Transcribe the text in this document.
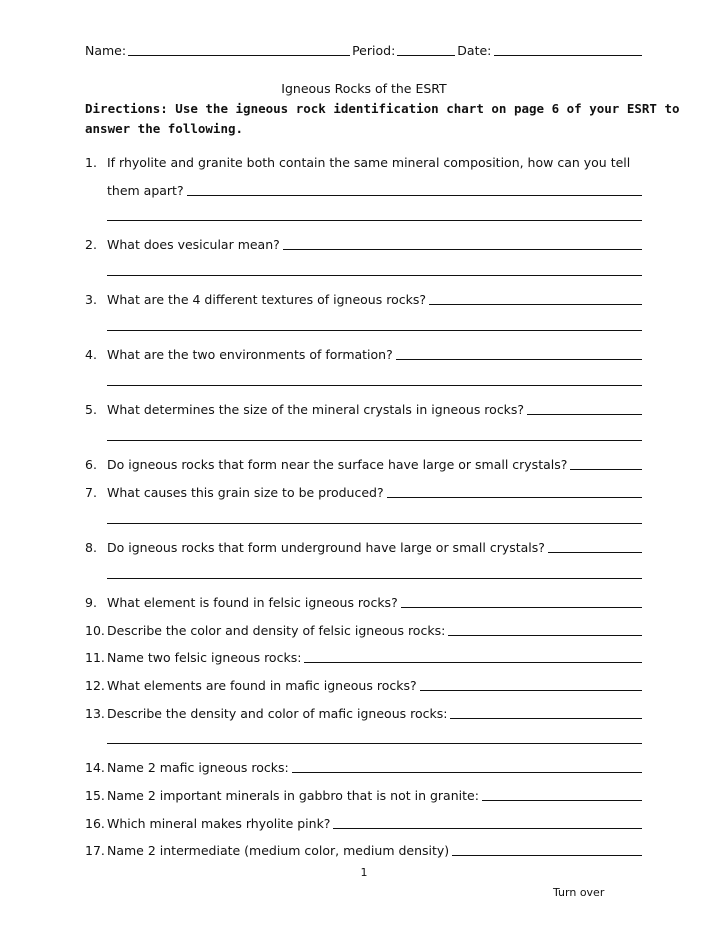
Name:	Period:	Date:
Igneous Rocks of the ESRT
Directions: Use the igneous rock identification chart on page 6 of your ESRT to
answer the following.
1. If rhyolite and granite both contain the same mineral composition, how can you tell
them apart?
2. What does vesicular mean?
3. What are the 4 different textures of igneous rocks?
4. What are the two environments of formation?
5. What determines the size of the mineral crystals in igneous rocks?
6. Do igneous rocks that form near the surface have large or small crystals?
7. What causes this grain size to be produced?
8. Do igneous rocks that form underground have large or small crystals?
9. What element is found in felsic igneous rocks?
10. Describe the color and density of felsic igneous rocks:
11. Name two felsic igneous rocks:
12. What elements are found in mafic igneous rocks?
13. Describe the density and color of mafic igneous rocks:
14. Name 2 mafic igneous rocks:
15. Name 2 important minerals in gabbro that is not in granite:
16. Which mineral makes rhyolite pink?
17. Name 2 intermediate (medium color, medium density)
1
Turn over
